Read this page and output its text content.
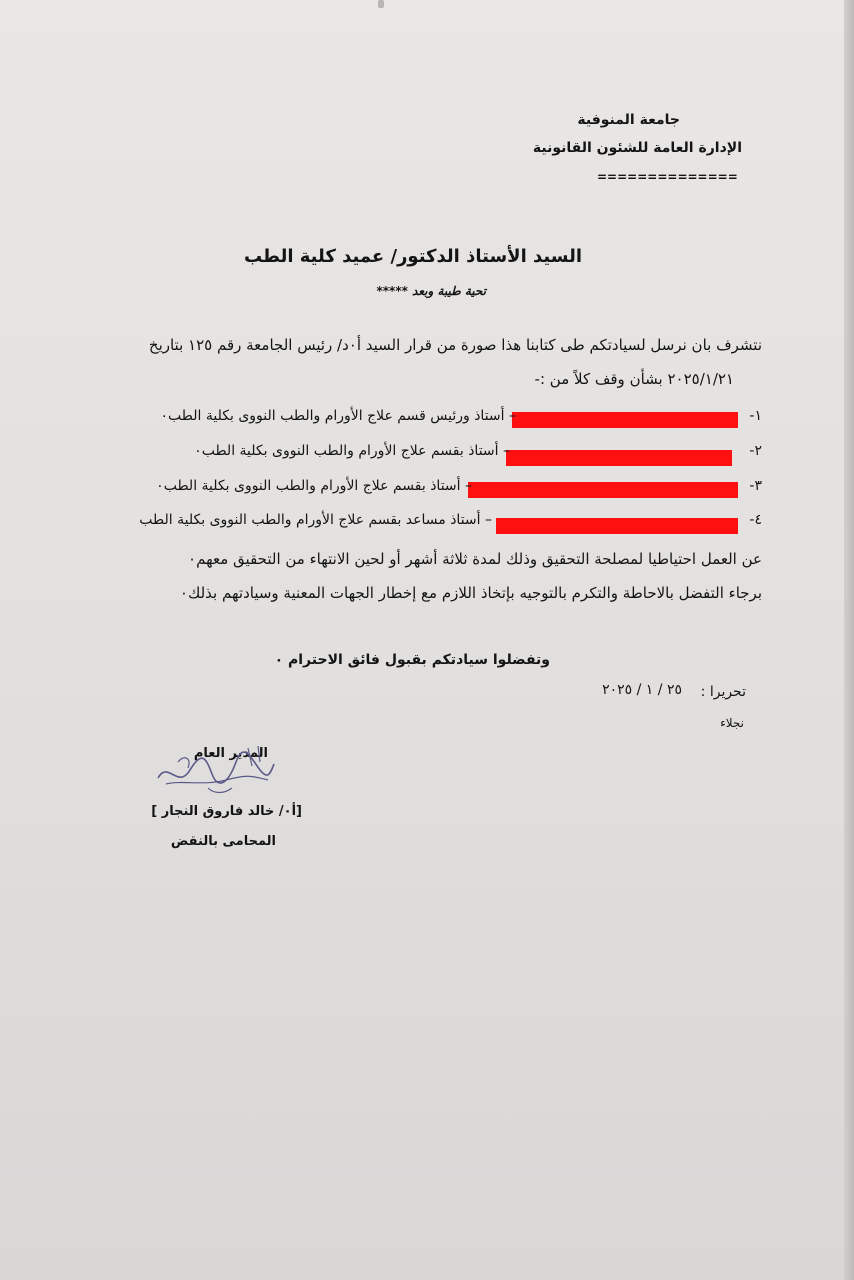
جامعة المنوفية
الإدارة العامة للشئون القانونية
==============
السيد الأستاذ الدكتور/ عميد كلية الطب
تحية طيبة وبعد *****
نتشرف بان نرسل لسيادتكم طى كتابنا هذا صورة من قرار السيد أ٠د/ رئيس الجامعة رقم ١٢٥ بتاريخ
٢٠٢٥/١/٢١ بشأن وقف كلاً من :-
١-
– أستاذ ورئيس قسم علاج الأورام والطب النووى بكلية الطب٠
٢-
– أستاذ بقسم علاج الأورام والطب النووى بكلية الطب٠
٣-
– أستاذ بقسم علاج الأورام والطب النووى بكلية الطب٠
٤-
– أستاذ مساعد بقسم علاج الأورام والطب النووى بكلية الطب
عن العمل احتياطيا لمصلحة التحقيق وذلك لمدة ثلاثة أشهر أو لحين الانتهاء من التحقيق معهم٠
برجاء التفضل بالاحاطة والتكرم بالتوجيه بإتخاذ اللازم مع إخطار الجهات المعنية وسيادتهم بذلك٠
وتفضلوا سيادتكم بقبول فائق الاحترام ٠
تحريرا :
٢٥ / ١ / ٢٠٢٥
نجلاء
المدير العام
[أ٠/ خالد فاروق النجار ]
المحامى بالنقض
